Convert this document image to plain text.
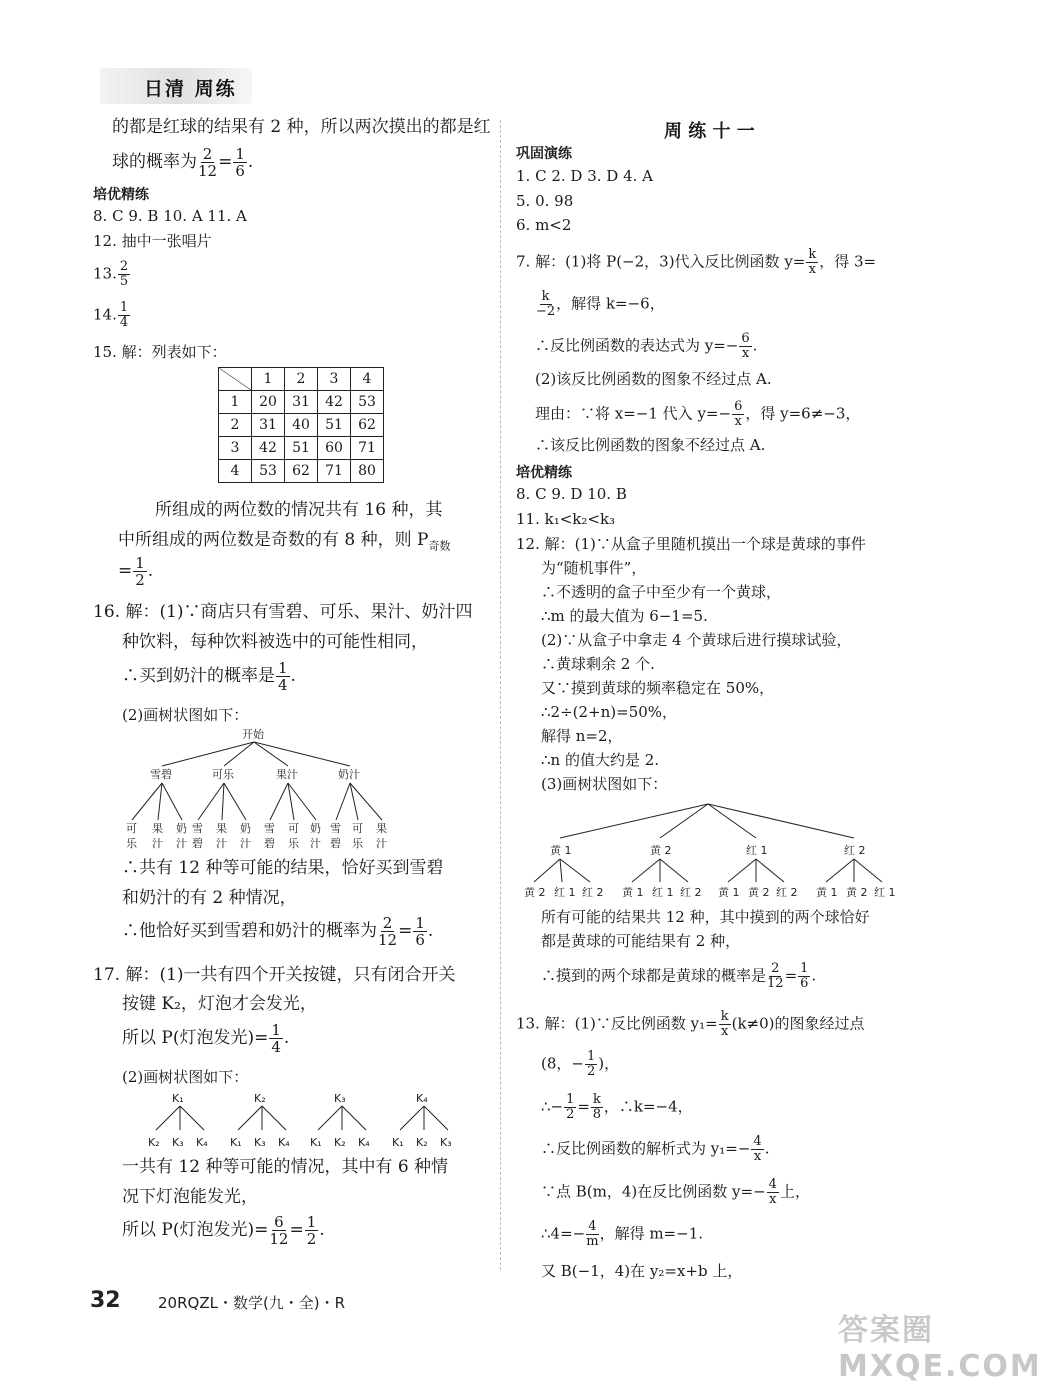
日清 周练
的都是红球的结果有 2 种，所以两次摸出的都是红
球的概率为 $\frac{2}{12} = \frac{1}{6}$ .
培优精练
8. C 9. B 10. A 11. A
12. 抽中一张唱片
13. $\frac{2}{5}$
14. $\frac{1}{4}$
15. 解：列表如下：
	1	2	3	4
1	20	31	42	53
2	31	40	51	62
3	42	51	60	71
4	53	62	71	80
所组成的两位数的情况共有 16 种，其
中所组成的两位数是奇数的有 8 种，则 $P_{奇数}$
= $\frac{1}{2}$ .
16. 解：(1)∵商店只有雪碧、可乐、果汁、奶汁四
种饮料，每种饮料被选中的可能性相同，
∴买到奶汁的概率是 $\frac{1}{4}$ .
(2)画树状图如下：
开始
雪碧	可乐	果汁	奶汁
可 果 奶 雪 果 奶 雪 可 奶 雪 可 果
乐 汁 汁 碧 汁 汁 碧 乐 汁 碧 乐 汁
∴共有 12 种等可能的结果，恰好买到雪碧
和奶汁的有 2 种情况，
∴他恰好买到雪碧和奶汁的概率为 $\frac{2}{12} = \frac{1}{6}$ .
17. 解：(1)一共有四个开关按键，只有闭合开关
按键 K₂，灯泡才会发光，
所以 P(灯泡发光)= $\frac{1}{4}$ .
(2)画树状图如下：
K₁	K₂	K₃	K₄
K₂ K₃ K₄ K₁ K₃ K₄ K₁ K₂ K₄ K₁ K₂ K₃
一共有 12 种等可能的情况，其中有 6 种情
况下灯泡能发光，
所以 P(灯泡发光)= $\frac{6}{12} = \frac{1}{2}$ .
周 练 十 一
巩固演练
1. C 2. D 3. D 4. A
5. 0. 98
6. m<2
7. 解：(1)将 P(−2，3)代入反比例函数 $y= \frac{k}{x}$ ，得 3=
$\frac{k}{-2}$ ，解得 k=−6，
∴反比例函数的表达式为 $y=- \frac{6}{x}$ .
(2)该反比例函数的图象不经过点 A.
理由：∵将 x=−1 代入 $y=- \frac{6}{x}$ ，得 y=6≠−3，
∴该反比例函数的图象不经过点 A.
培优精练
8. C 9. D 10. B
11. k₁<k₂<k₃
12. 解：(1)∵从盒子里随机摸出一个球是黄球的事件
为“随机事件”，
∴不透明的盒子中至少有一个黄球，
∴m 的最大值为 6−1=5.
(2)∵从盒子中拿走 4 个黄球后进行摸球试验，
∴黄球剩余 2 个.
又∵摸到黄球的频率稳定在 50%，
∴2÷(2+n)=50%，
解得 n=2，
∴n 的值大约是 2.
(3)画树状图如下：
黄 1	黄 2	红 1	红 2
黄 2 红 1 红 2 黄 1 红 1 红 2 黄 1 黄 2 红 2 黄 1 黄 2 红 1
所有可能的结果共 12 种，其中摸到的两个球恰好
都是黄球的可能结果有 2 种，
∴摸到的两个球都是黄球的概率是 $\frac{2}{12} = \frac{1}{6}$ .
13. 解：(1)∵反比例函数 $y_1= \frac{k}{x} (k\ne 0)$的图象经过点
(8，− $\frac{1}{2}$ )，
∴− $\frac{1}{2} = \frac{k}{8}$ ，∴k=−4，
∴反比例函数的解析式为 $y_1=- \frac{4}{x}$ .
∵点 B(m，4)在反比例函数 $y=- \frac{4}{x}$ 上，
∴4=− $\frac{4}{m}$ ，解得 m=−1.
又 B(−1，4)在 y₂=x+b 上，
32 20RQZL・数学(九・全)・R
答案圈 MXQE.COM
